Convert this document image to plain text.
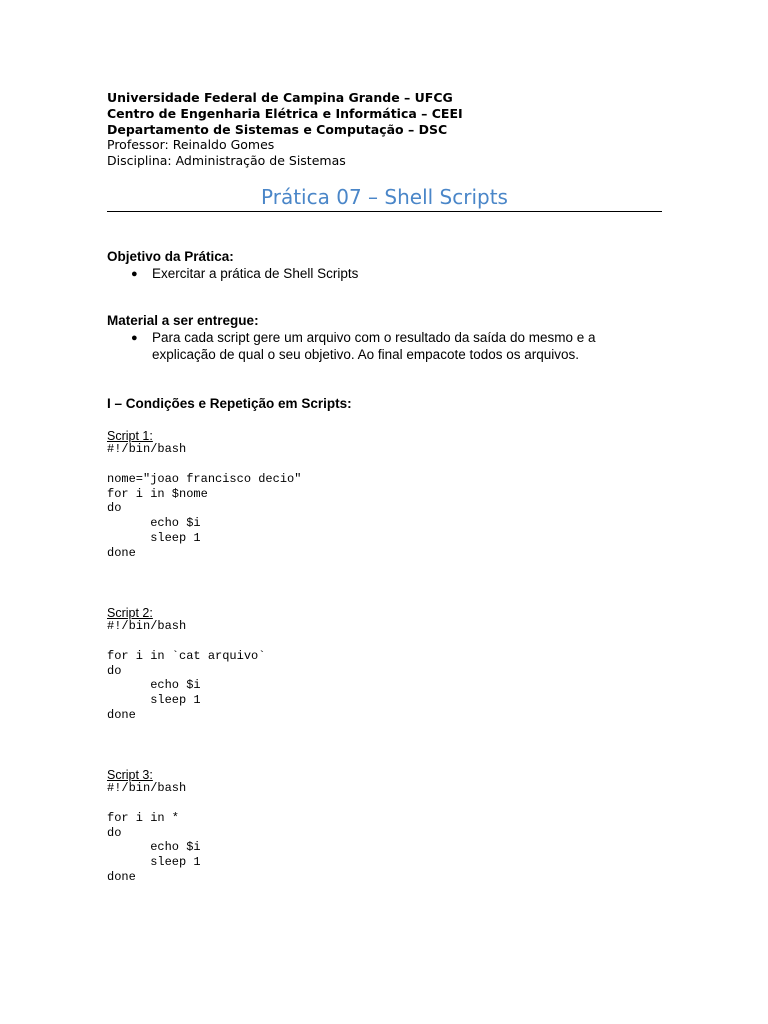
Universidade Federal de Campina Grande – UFCG
Centro de Engenharia Elétrica e Informática – CEEI
Departamento de Sistemas e Computação – DSC
Professor: Reinaldo Gomes
Disciplina: Administração de Sistemas
Prática 07 – Shell Scripts
Objetivo da Prática:
●	Exercitar a prática de Shell Scripts
Material a ser entregue:
●	Para cada script gere um arquivo com o resultado da saída do mesmo e a explicação de qual o seu objetivo. Ao final empacote todos os arquivos.
I – Condições e Repetição em Scripts:
Script 1:
#!/bin/bash

nome="joao francisco decio"
for i in $nome
do
echo $i
sleep 1
done
Script 2:
#!/bin/bash

for i in `cat arquivo`
do
echo $i
sleep 1
done
Script 3:
#!/bin/bash

for i in *
do
echo $i
sleep 1
done
